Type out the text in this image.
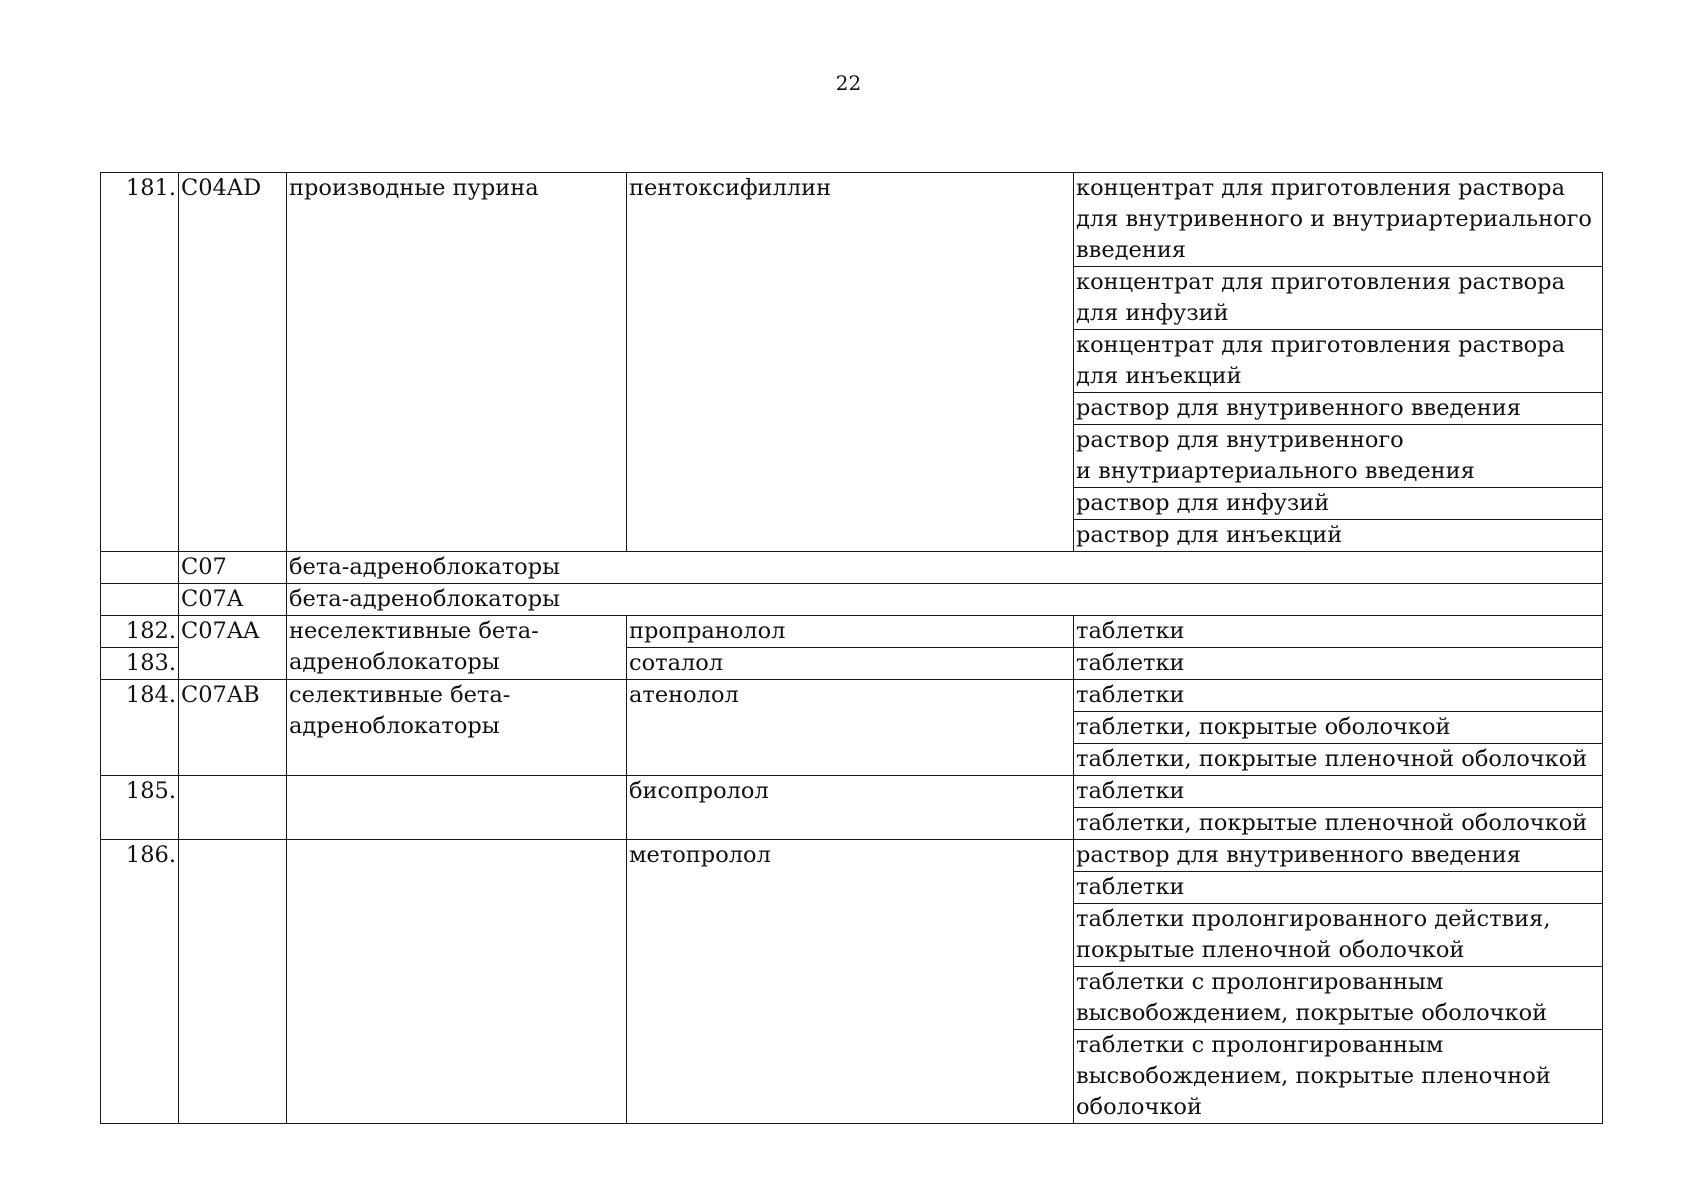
22
181.	C04AD	производные пурина	пентоксифиллин	концентрат для приготовления раствора
для внутривенного и внутриартериального
введения

				концентрат для приготовления раствора
для инфузий

				концентрат для приготовления раствора
для инъекций

				раствор для внутривенного введения

				раствор для внутривенного
и внутриартериального введения

				раствор для инфузий

				раствор для инъекций

	C07	бета-адреноблокаторы		
	C07A	бета-адреноблокаторы		
182.	C07AA	неселективные бета-
адреноблокаторы	пропранолол	таблетки
183.			соталол	таблетки
184.	C07AB	селективные бета-
адреноблокаторы	атенолол	таблетки
				таблетки, покрытые оболочкой
				таблетки, покрытые пленочной оболочкой
185.			бисопролол	таблетки
				таблетки, покрытые пленочной оболочкой
186.			метопролол	раствор для внутривенного введения

				таблетки

				таблетки пролонгированного действия,
покрытые пленочной оболочкой

				таблетки с пролонгированным
высвобождением, покрытые оболочкой

				таблетки с пролонгированным
высвобождением, покрытые пленочной
оболочкой
